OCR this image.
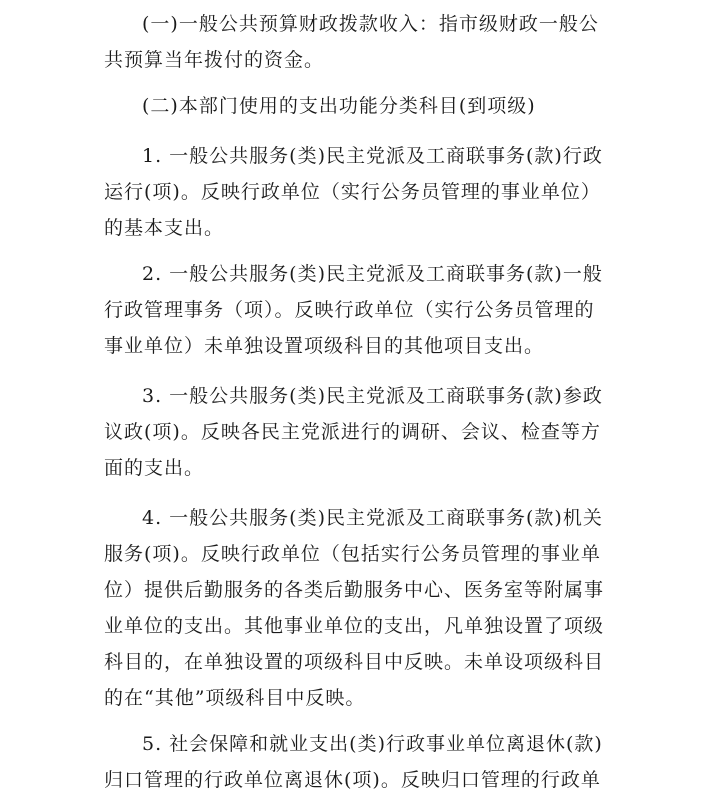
(一)一般公共预算财政拨款收入：指市级财政一般公
共预算当年拨付的资金。

(二)本部门使用的支出功能分类科目(到项级)

1. 一般公共服务(类)民主党派及工商联事务(款)行政
运行(项)。反映行政单位（实行公务员管理的事业单位）
的基本支出。

2. 一般公共服务(类)民主党派及工商联事务(款)一般
行政管理事务（项）。反映行政单位（实行公务员管理的
事业单位）未单独设置项级科目的其他项目支出。

3. 一般公共服务(类)民主党派及工商联事务(款)参政
议政(项)。反映各民主党派进行的调研、会议、检查等方
面的支出。

4. 一般公共服务(类)民主党派及工商联事务(款)机关
服务(项)。反映行政单位（包括实行公务员管理的事业单
位）提供后勤服务的各类后勤服务中心、医务室等附属事
业单位的支出。其他事业单位的支出，凡单独设置了项级
科目的，在单独设置的项级科目中反映。未单设项级科目
的在“其他”项级科目中反映。

5. 社会保障和就业支出(类)行政事业单位离退休(款)
归口管理的行政单位离退休(项)。反映归口管理的行政单
